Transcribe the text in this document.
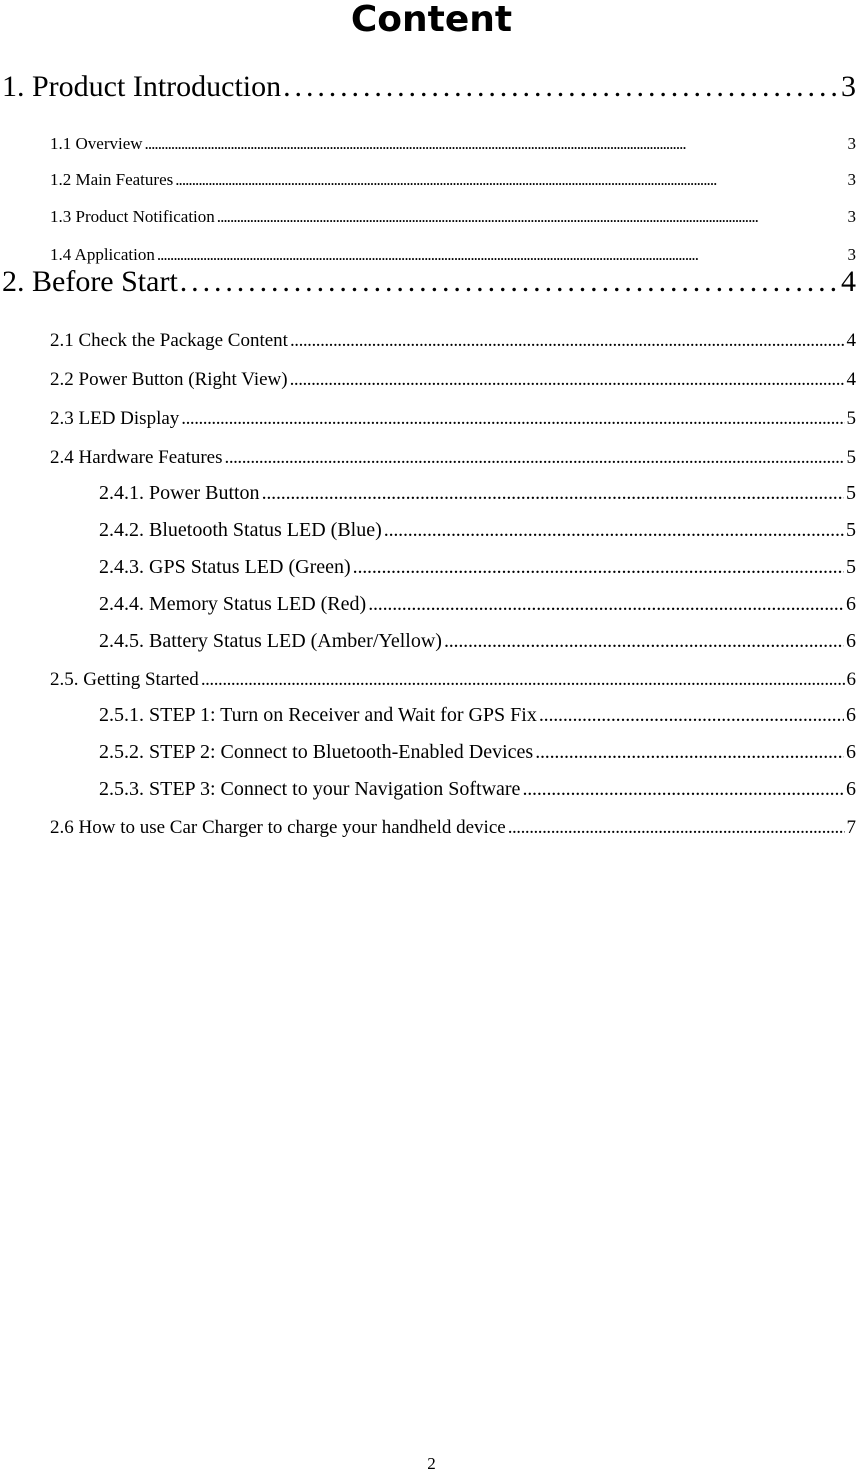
Content
1. Product Introduction . . .	3
1.1 Overview . . .	3
1.2 Main Features . . .	3
1.3 Product Notification . . .	3
1.4 Application . . .	3
2. Before Start . . .	4
2.1 Check the Package Content . . .	4
2.2 Power Button (Right View) . . .	4
2.3 LED Display . . .	5
2.4 Hardware Features . . .	5
2.4.1. Power Button . . .	5
2.4.2. Bluetooth Status LED (Blue) . . .	5
2.4.3. GPS Status LED (Green) . . .	5
2.4.4. Memory Status LED (Red) . . .	6
2.4.5. Battery Status LED (Amber/Yellow) . . .	6
2.5. Getting Started . . .	6
2.5.1. STEP 1: Turn on Receiver and Wait for GPS Fix . . .	6
2.5.2. STEP 2: Connect to Bluetooth-Enabled Devices . . .	6
2.5.3. STEP 3: Connect to your Navigation Software . . .	6
2.6 How to use Car Charger to charge your handheld device . . .	7
2
